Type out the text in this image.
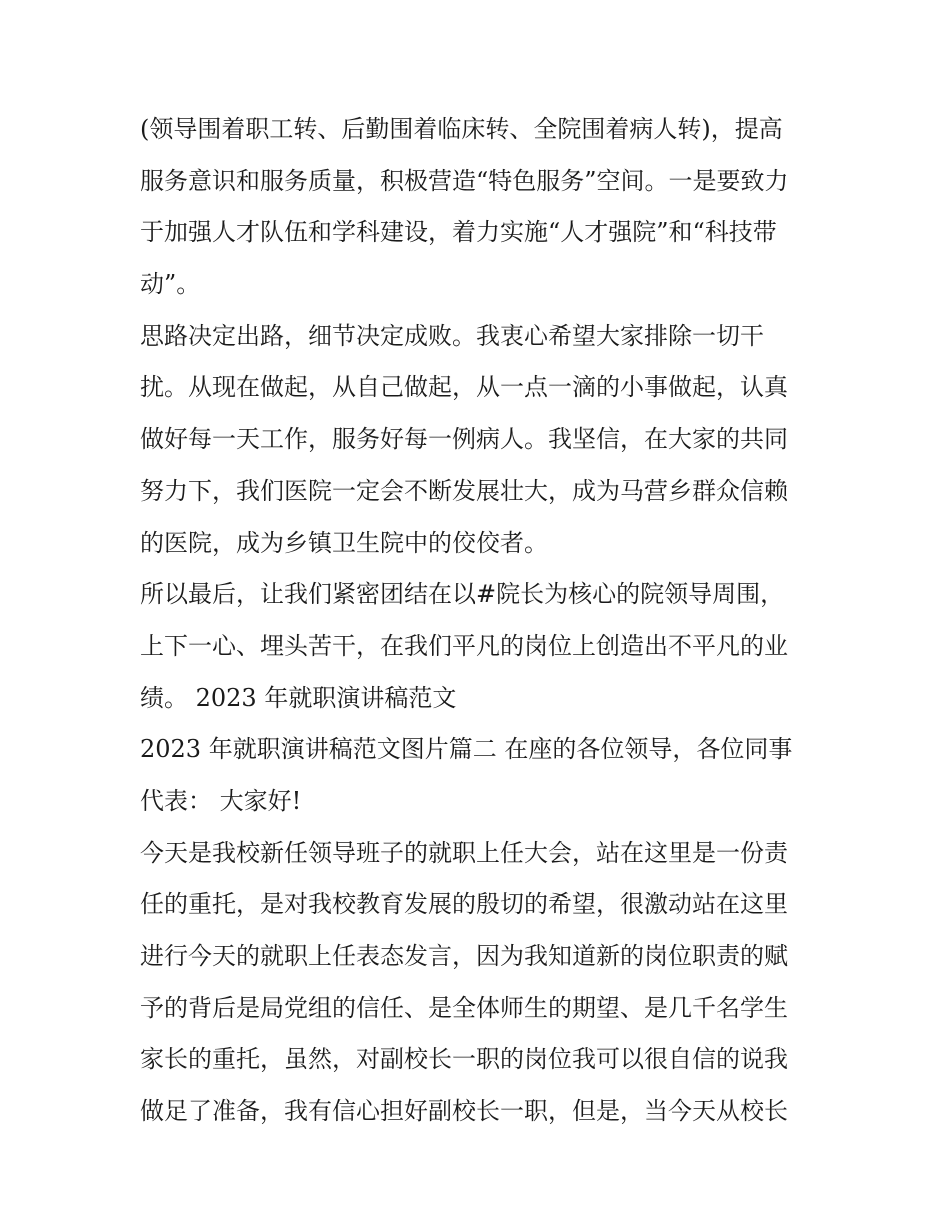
(领导围着职工转、后勤围着临床转、全院围着病人转)，提高
服务意识和服务质量，积极营造“特色服务”空间。一是要致力
于加强人才队伍和学科建设，着力实施“人才强院”和“科技带
动”。
思路决定出路，细节决定成败。我衷心希望大家排除一切干
扰。从现在做起，从自己做起，从一点一滴的小事做起，认真
做好每一天工作，服务好每一例病人。我坚信，在大家的共同
努力下，我们医院一定会不断发展壮大，成为马营乡群众信赖
的医院，成为乡镇卫生院中的佼佼者。
所以最后，让我们紧密团结在以#院长为核心的院领导周围，
上下一心、埋头苦干，在我们平凡的岗位上创造出不平凡的业
绩。 2023 年就职演讲稿范文
2023 年就职演讲稿范文图片篇二 在座的各位领导，各位同事
代表： 大家好!
今天是我校新任领导班子的就职上任大会，站在这里是一份责
任的重托，是对我校教育发展的殷切的希望，很激动站在这里
进行今天的就职上任表态发言，因为我知道新的岗位职责的赋
予的背后是局党组的信任、是全体师生的期望、是几千名学生
家长的重托，虽然，对副校长一职的岗位我可以很自信的说我
做足了准备，我有信心担好副校长一职，但是，当今天从校长
